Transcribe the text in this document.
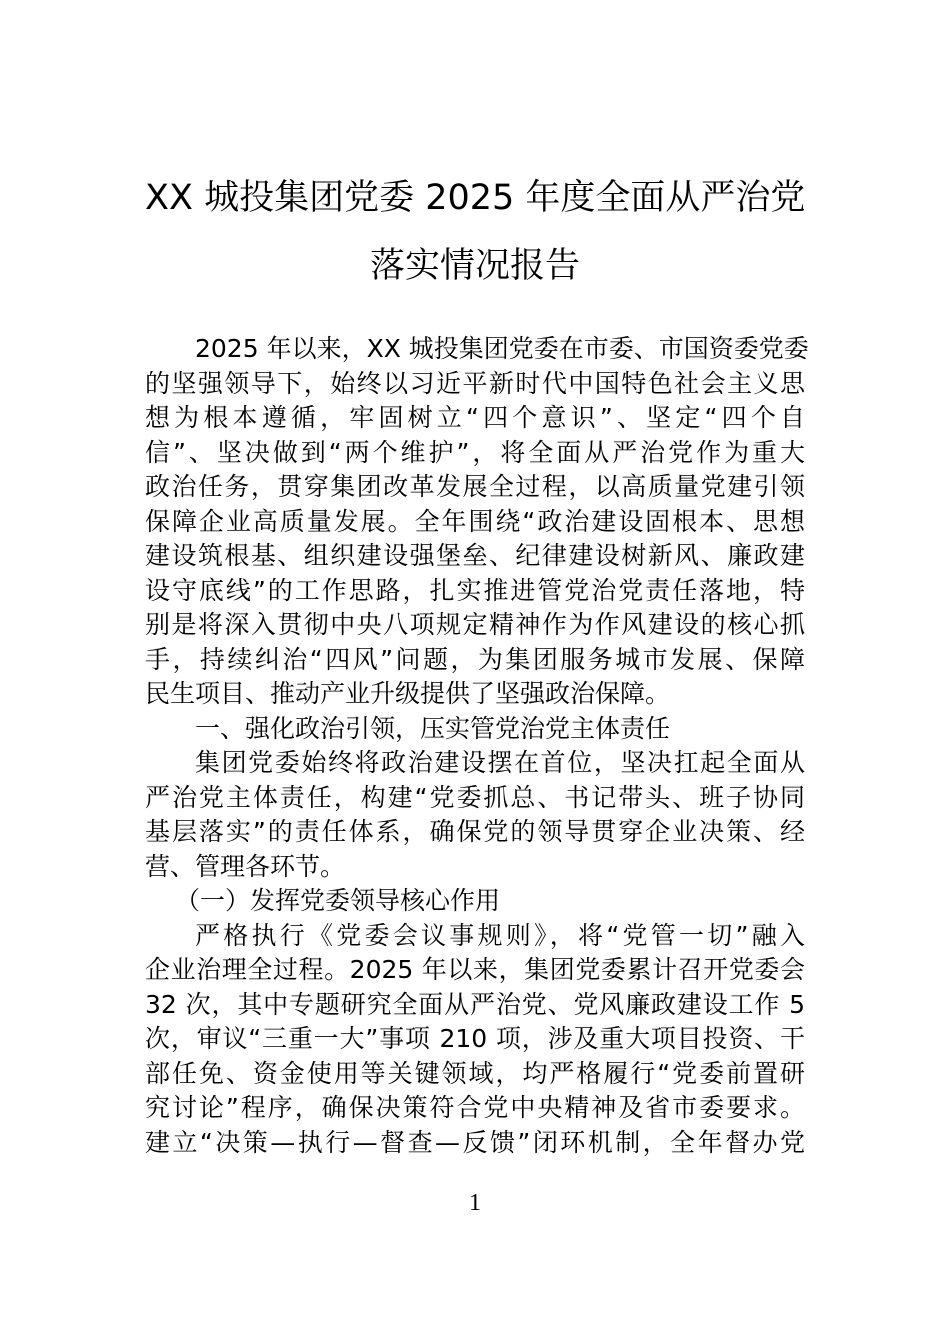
XX 城投集团党委 2025 年度全面从严治党
落实情况报告
2025 年以来，XX 城投集团党委在市委、市国资委党委
的坚强领导下，始终以习近平新时代中国特色社会主义思
想为根本遵循，牢固树立“四个意识”、坚定“四个自
信”、坚决做到“两个维护”，将全面从严治党作为重大
政治任务，贯穿集团改革发展全过程，以高质量党建引领
保障企业高质量发展。全年围绕“政治建设固根本、思想
建设筑根基、组织建设强堡垒、纪律建设树新风、廉政建
设守底线”的工作思路，扎实推进管党治党责任落地，特
别是将深入贯彻中央八项规定精神作为作风建设的核心抓
手，持续纠治“四风”问题，为集团服务城市发展、保障
民生项目、推动产业升级提供了坚强政治保障。
一、强化政治引领，压实管党治党主体责任
集团党委始终将政治建设摆在首位，坚决扛起全面从
严治党主体责任，构建“党委抓总、书记带头、班子协同
基层落实”的责任体系，确保党的领导贯穿企业决策、经
营、管理各环节。
（一）发挥党委领导核心作用
严格执行《党委会议事规则》，将“党管一切”融入
企业治理全过程。2025 年以来，集团党委累计召开党委会
32 次，其中专题研究全面从严治党、党风廉政建设工作 5
次，审议“三重一大”事项 210 项，涉及重大项目投资、干
部任免、资金使用等关键领域，均严格履行“党委前置研
究讨论”程序，确保决策符合党中央精神及省市委要求。
建立“决策—执行—督查—反馈”闭环机制，全年督办党
1
